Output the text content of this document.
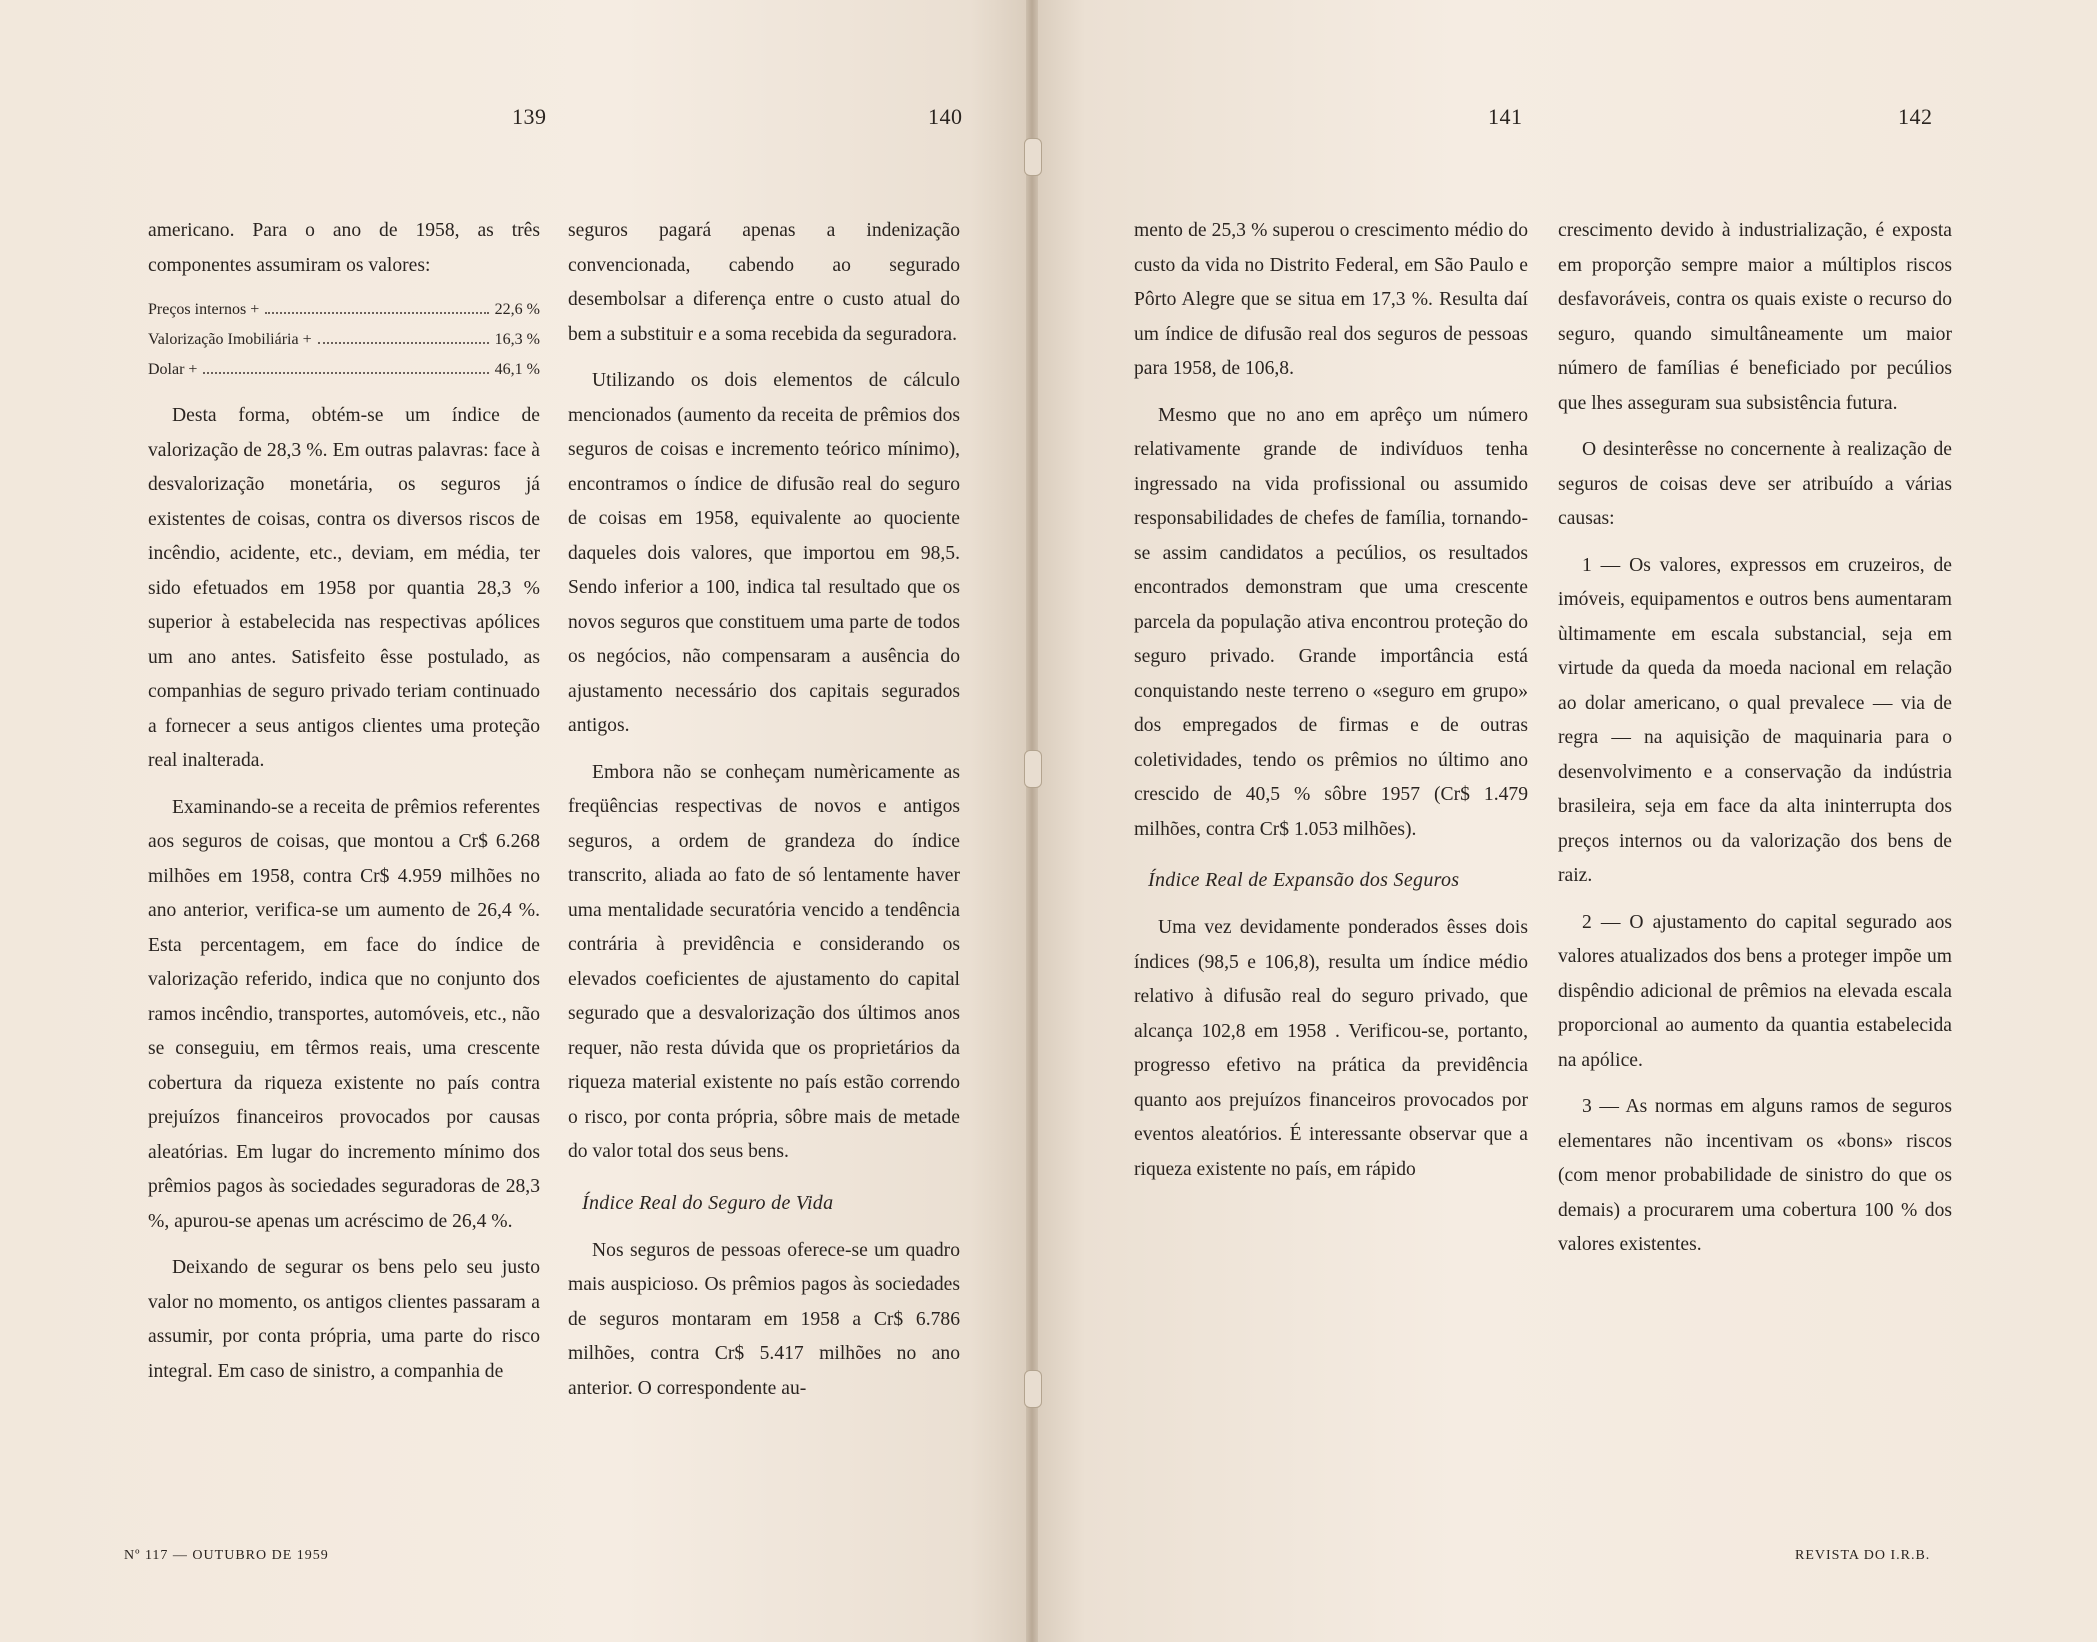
139	140	141	142

americano. Para o ano de 1958, as três componentes assumiram os valores:

Preços internos +	22,6 %
Valorização Imobiliária +	16,3 %
Dolar +	46,1 %

Desta forma, obtém-se um índice de valorização de 28,3 %. Em outras palavras: face à desvalorização monetária, os seguros já existentes de coisas, contra os diversos riscos de incêndio, acidente, etc., deviam, em média, ter sido efetuados em 1958 por quantia 28,3 % superior à estabelecida nas respectivas apólices um ano antes. Satisfeito êsse postulado, as companhias de seguro privado teriam continuado a fornecer a seus antigos clientes uma proteção real inalterada.

Examinando-se a receita de prêmios referentes aos seguros de coisas, que montou a Cr$ 6.268 milhões em 1958, contra Cr$ 4.959 milhões no ano anterior, verifica-se um aumento de 26,4 %. Esta percentagem, em face do índice de valorização referido, indica que no conjunto dos ramos incêndio, transportes, automóveis, etc., não se conseguiu, em têrmos reais, uma crescente cobertura da riqueza existente no país contra prejuízos financeiros provocados por causas aleatórias. Em lugar do incremento mínimo dos prêmios pagos às sociedades seguradoras de 28,3 %, apurou-se apenas um acréscimo de 26,4 %.

Deixando de segurar os bens pelo seu justo valor no momento, os antigos clientes passaram a assumir, por conta própria, uma parte do risco integral. Em caso de sinistro, a companhia de

seguros pagará apenas a indenização convencionada, cabendo ao segurado desembolsar a diferença entre o custo atual do bem a substituir e a soma recebida da seguradora.

Utilizando os dois elementos de cálculo mencionados (aumento da receita de prêmios dos seguros de coisas e incremento teórico mínimo), encontramos o índice de difusão real do seguro de coisas em 1958, equivalente ao quociente daqueles dois valores, que importou em 98,5. Sendo inferior a 100, indica tal resultado que os novos seguros que constituem uma parte de todos os negócios, não compensaram a ausência do ajustamento necessário dos capitais segurados antigos.

Embora não se conheçam numèricamente as freqüências respectivas de novos e antigos seguros, a ordem de grandeza do índice transcrito, aliada ao fato de só lentamente haver uma mentalidade securatória vencido a tendência contrária à previdência e considerando os elevados coeficientes de ajustamento do capital segurado que a desvalorização dos últimos anos requer, não resta dúvida que os proprietários da riqueza material existente no país estão correndo o risco, por conta própria, sôbre mais de metade do valor total dos seus bens.

Índice Real do Seguro de Vida

Nos seguros de pessoas oferece-se um quadro mais auspicioso. Os prêmios pagos às sociedades de seguros montaram em 1958 a Cr$ 6.786 milhões, contra Cr$ 5.417 milhões no ano anterior. O correspondente au-

mento de 25,3 % superou o crescimento médio do custo da vida no Distrito Federal, em São Paulo e Pôrto Alegre que se situa em 17,3 %. Resulta daí um índice de difusão real dos seguros de pessoas para 1958, de 106,8.

Mesmo que no ano em aprêço um número relativamente grande de indivíduos tenha ingressado na vida profissional ou assumido responsabilidades de chefes de família, tornando-se assim candidatos a pecúlios, os resultados encontrados demonstram que uma crescente parcela da população ativa encontrou proteção do seguro privado. Grande importância está conquistando neste terreno o «seguro em grupo» dos empregados de firmas e de outras coletividades, tendo os prêmios no último ano crescido de 40,5 % sôbre 1957 (Cr$ 1.479 milhões, contra Cr$ 1.053 milhões).

Índice Real de Expansão dos Seguros

Uma vez devidamente ponderados êsses dois índices (98,5 e 106,8), resulta um índice médio relativo à difusão real do seguro privado, que alcança 102,8 em 1958 . Verificou-se, portanto, progresso efetivo na prática da previdência quanto aos prejuízos financeiros provocados por eventos aleatórios. É interessante observar que a riqueza existente no país, em rápido

crescimento devido à industrialização, é exposta em proporção sempre maior a múltiplos riscos desfavoráveis, contra os quais existe o recurso do seguro, quando simultâneamente um maior número de famílias é beneficiado por pecúlios que lhes asseguram sua subsistência futura.

O desinterêsse no concernente à realização de seguros de coisas deve ser atribuído a várias causas:

1 — Os valores, expressos em cruzeiros, de imóveis, equipamentos e outros bens aumentaram ùltimamente em escala substancial, seja em virtude da queda da moeda nacional em relação ao dolar americano, o qual prevalece — via de regra — na aquisição de maquinaria para o desenvolvimento e a conservação da indústria brasileira, seja em face da alta ininterrupta dos preços internos ou da valorização dos bens de raiz.

2 — O ajustamento do capital segurado aos valores atualizados dos bens a proteger impõe um dispêndio adicional de prêmios na elevada escala proporcional ao aumento da quantia estabelecida na apólice.

3 — As normas em alguns ramos de seguros elementares não incentivam os «bons» riscos (com menor probabilidade de sinistro do que os demais) a procurarem uma cobertura 100 % dos valores existentes.

Nº 117 — OUTUBRO DE 1959	REVISTA DO I.R.B.
